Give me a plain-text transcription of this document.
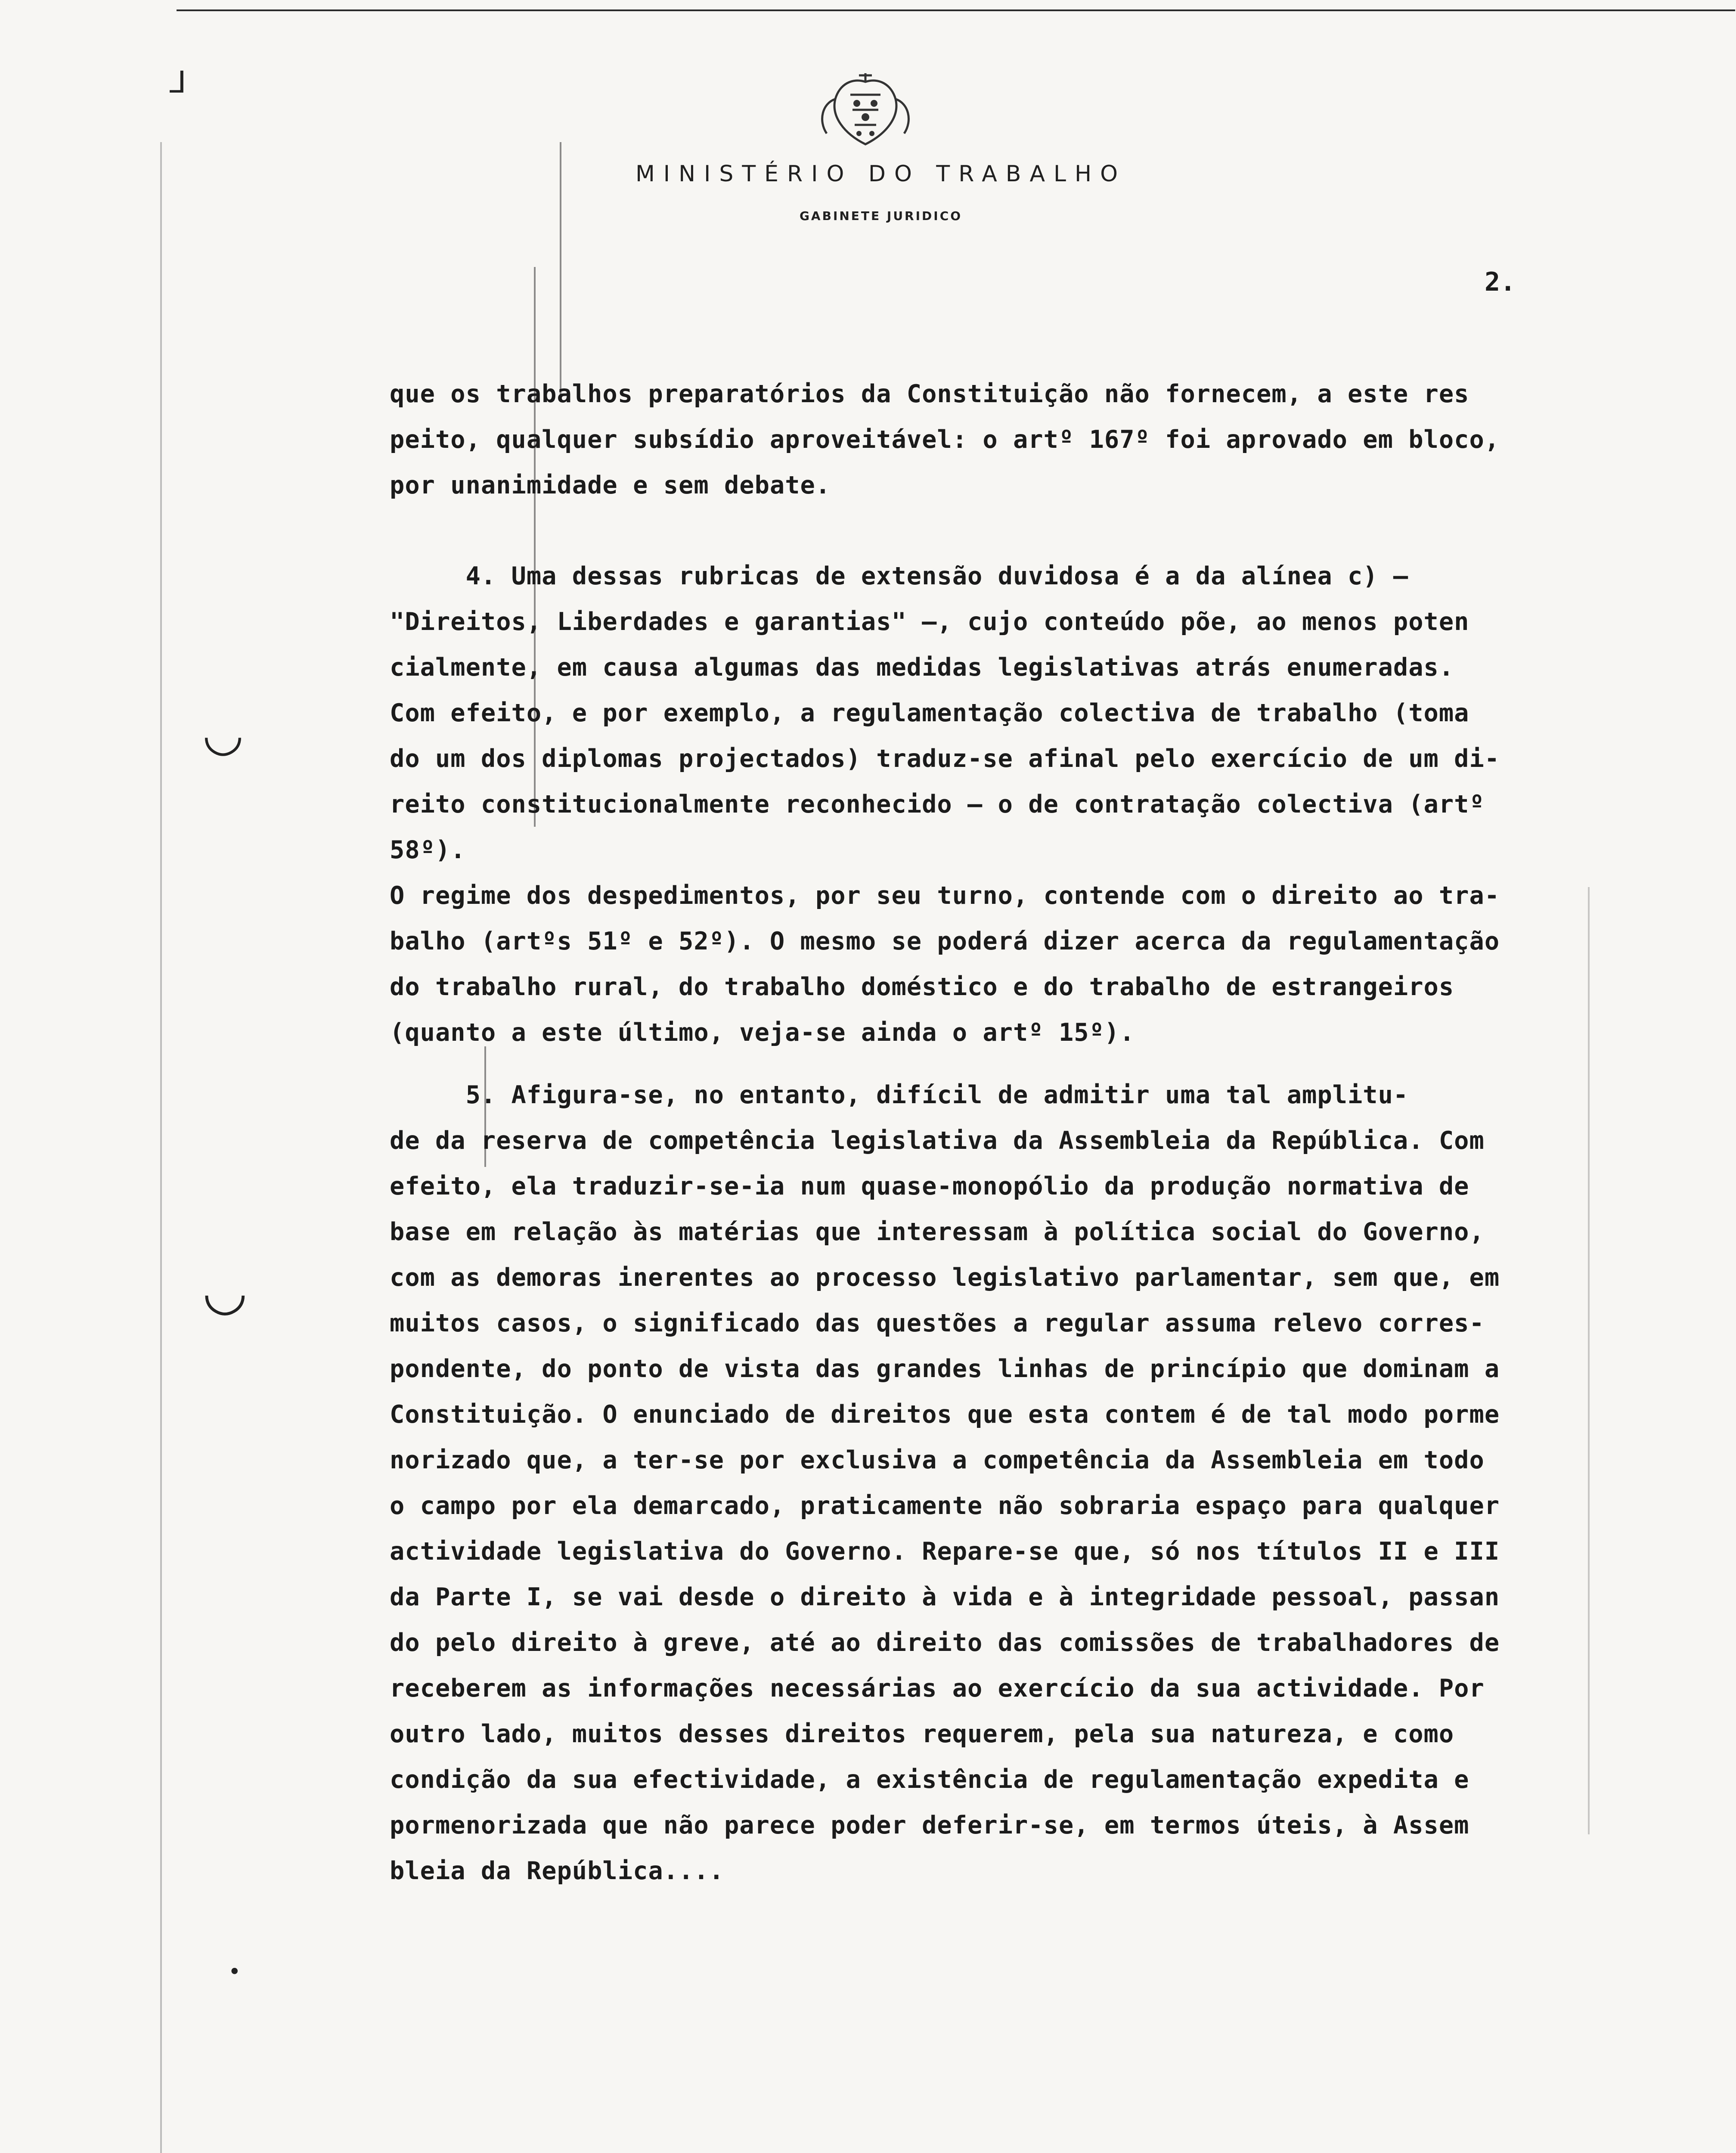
ᒧ
◡
◡
•
MINISTÉRIO DO TRABALHO
GABINETE JURIDICO
2.
que os trabalhos preparatórios da Constituição não fornecem, a este res
peito, qualquer subsídio aproveitável: o artº 167º foi aprovado em bloco,
por unanimidade e sem debate.
4. Uma dessas rubricas de extensão duvidosa é a da alínea c) —
"Direitos, Liberdades e garantias" —, cujo conteúdo põe, ao menos poten
cialmente, em causa algumas das medidas legislativas atrás enumeradas.
Com efeito, e por exemplo, a regulamentação colectiva de trabalho (toma
do um dos diplomas projectados) traduz-se afinal pelo exercício de um di-
reito constitucionalmente reconhecido — o de contratação colectiva (artº
58º).
O regime dos despedimentos, por seu turno, contende com o direito ao tra-
balho (artºs 51º e 52º). O mesmo se poderá dizer acerca da regulamentação
do trabalho rural, do trabalho doméstico e do trabalho de estrangeiros
(quanto a este último, veja-se ainda o artº 15º).
5. Afigura-se, no entanto, difícil de admitir uma tal amplitu-
de da reserva de competência legislativa da Assembleia da República. Com
efeito, ela traduzir-se-ia num quase-monopólio da produção normativa de
base em relação às matérias que interessam à política social do Governo,
com as demoras inerentes ao processo legislativo parlamentar, sem que, em
muitos casos, o significado das questões a regular assuma relevo corres-
pondente, do ponto de vista das grandes linhas de princípio que dominam a
Constituição. O enunciado de direitos que esta contem é de tal modo porme
norizado que, a ter-se por exclusiva a competência da Assembleia em todo
o campo por ela demarcado, praticamente não sobraria espaço para qualquer
actividade legislativa do Governo. Repare-se que, só nos títulos II e III
da Parte I, se vai desde o direito à vida e à integridade pessoal, passan
do pelo direito à greve, até ao direito das comissões de trabalhadores de
receberem as informações necessárias ao exercício da sua actividade. Por
outro lado, muitos desses direitos requerem, pela sua natureza, e como
condição da sua efectividade, a existência de regulamentação expedita e
pormenorizada que não parece poder deferir-se, em termos úteis, à Assem
bleia da República....
